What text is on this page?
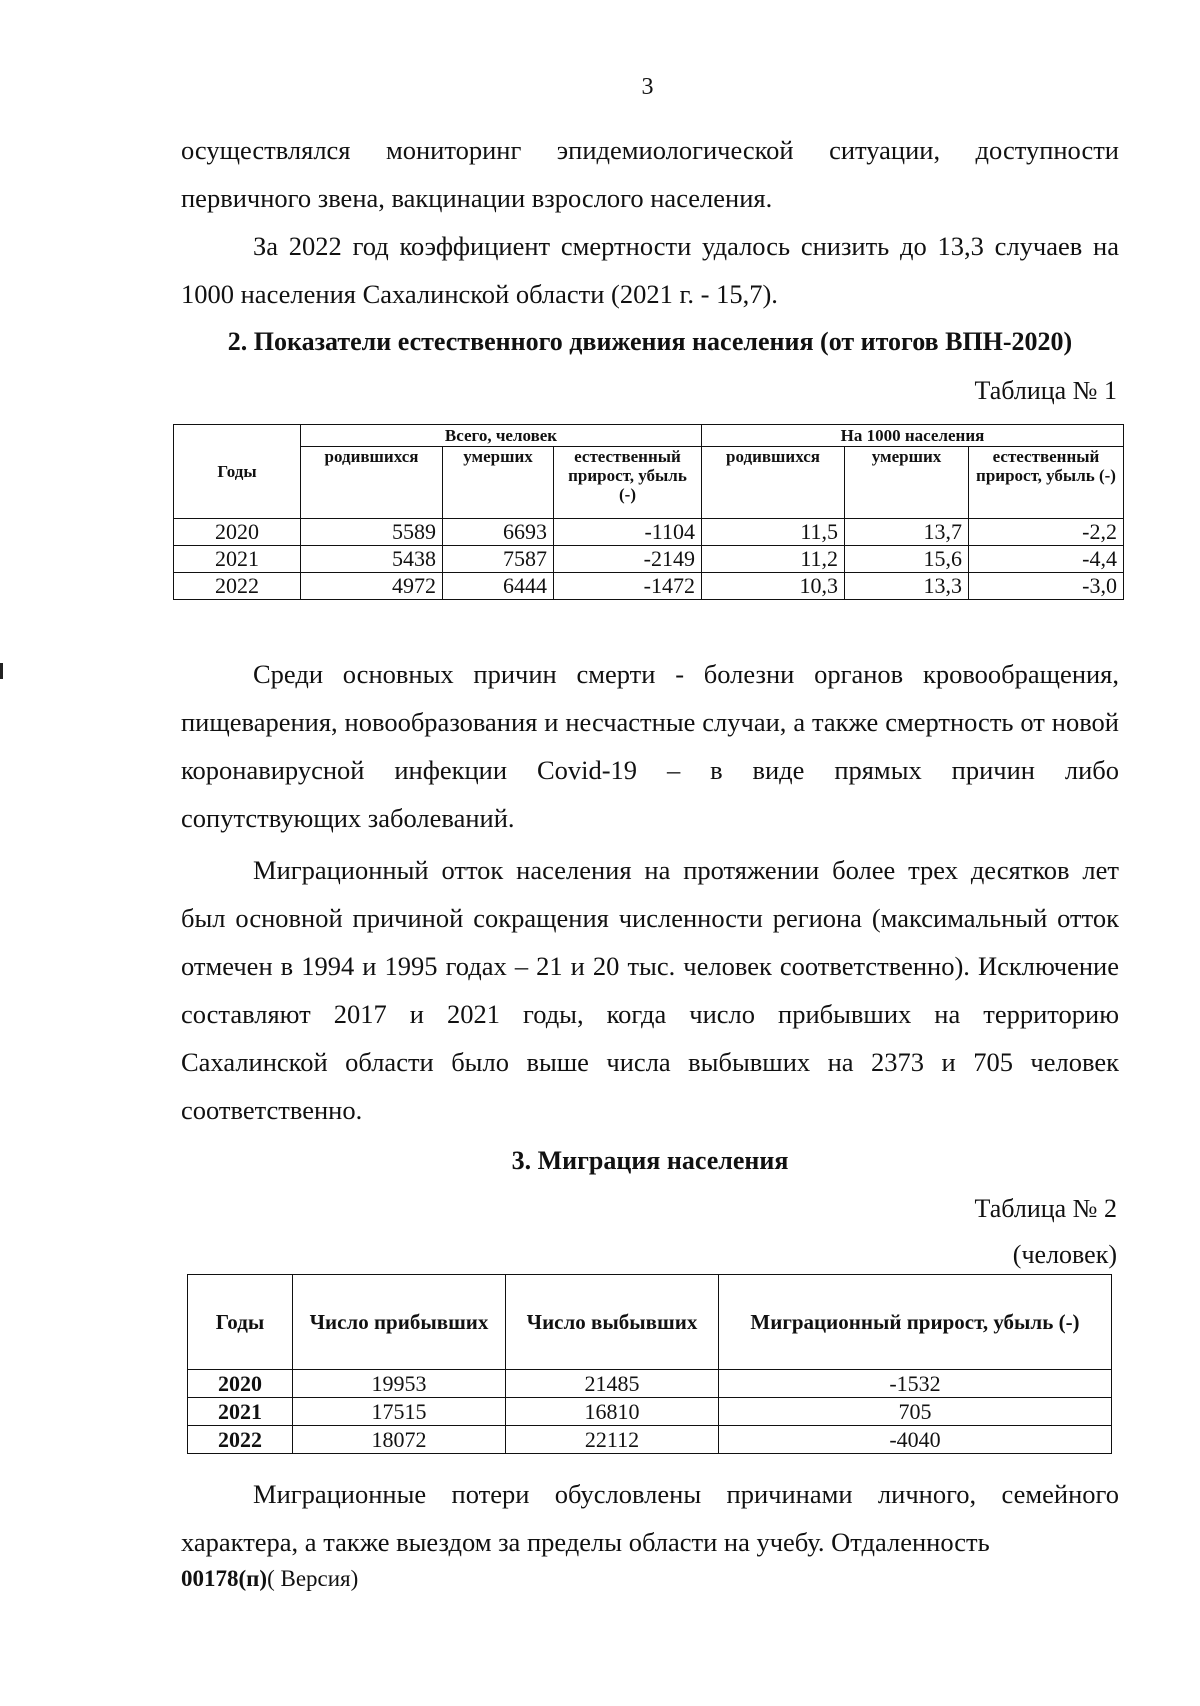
3

осуществлялся мониторинг эпидемиологической ситуации, доступности первичного звена, вакцинации взрослого населения.

За 2022 год коэффициент смертности удалось снизить до 13,3 случаев на 1000 населения Сахалинской области (2021 г. - 15,7).

2. Показатели естественного движения населения (от итогов ВПН-2020)

Таблица № 1

Годы	Всего, человек			На 1000 населения		
	родившихся	умерших	естественный прирост, убыль (-)	родившихся	умерших	естественный прирост, убыль (-)
2020	5589	6693	-1104	11,5	13,7	-2,2
2021	5438	7587	-2149	11,2	15,6	-4,4
2022	4972	6444	-1472	10,3	13,3	-3,0

Среди основных причин смерти - болезни органов кровообращения, пищеварения, новообразования и несчастные случаи, а также смертность от новой коронавирусной инфекции Covid-19 – в виде прямых причин либо сопутствующих заболеваний.

Миграционный отток населения на протяжении более трех десятков лет был основной причиной сокращения численности региона (максимальный отток отмечен в 1994 и 1995 годах – 21 и 20 тыс. человек соответственно). Исключение составляют 2017 и 2021 годы, когда число прибывших на территорию Сахалинской области было выше числа выбывших на 2373 и 705 человек соответственно.

3. Миграция населения

Таблица № 2

(человек)

Годы	Число прибывших	Число выбывших	Миграционный прирост, убыль (-)
2020	19953	21485	-1532
2021	17515	16810	705
2022	18072	22112	-4040

Миграционные потери обусловлены причинами личного, семейного характера, а также выездом за пределы области на учебу. Отдаленность

00178(п)( Версия)
